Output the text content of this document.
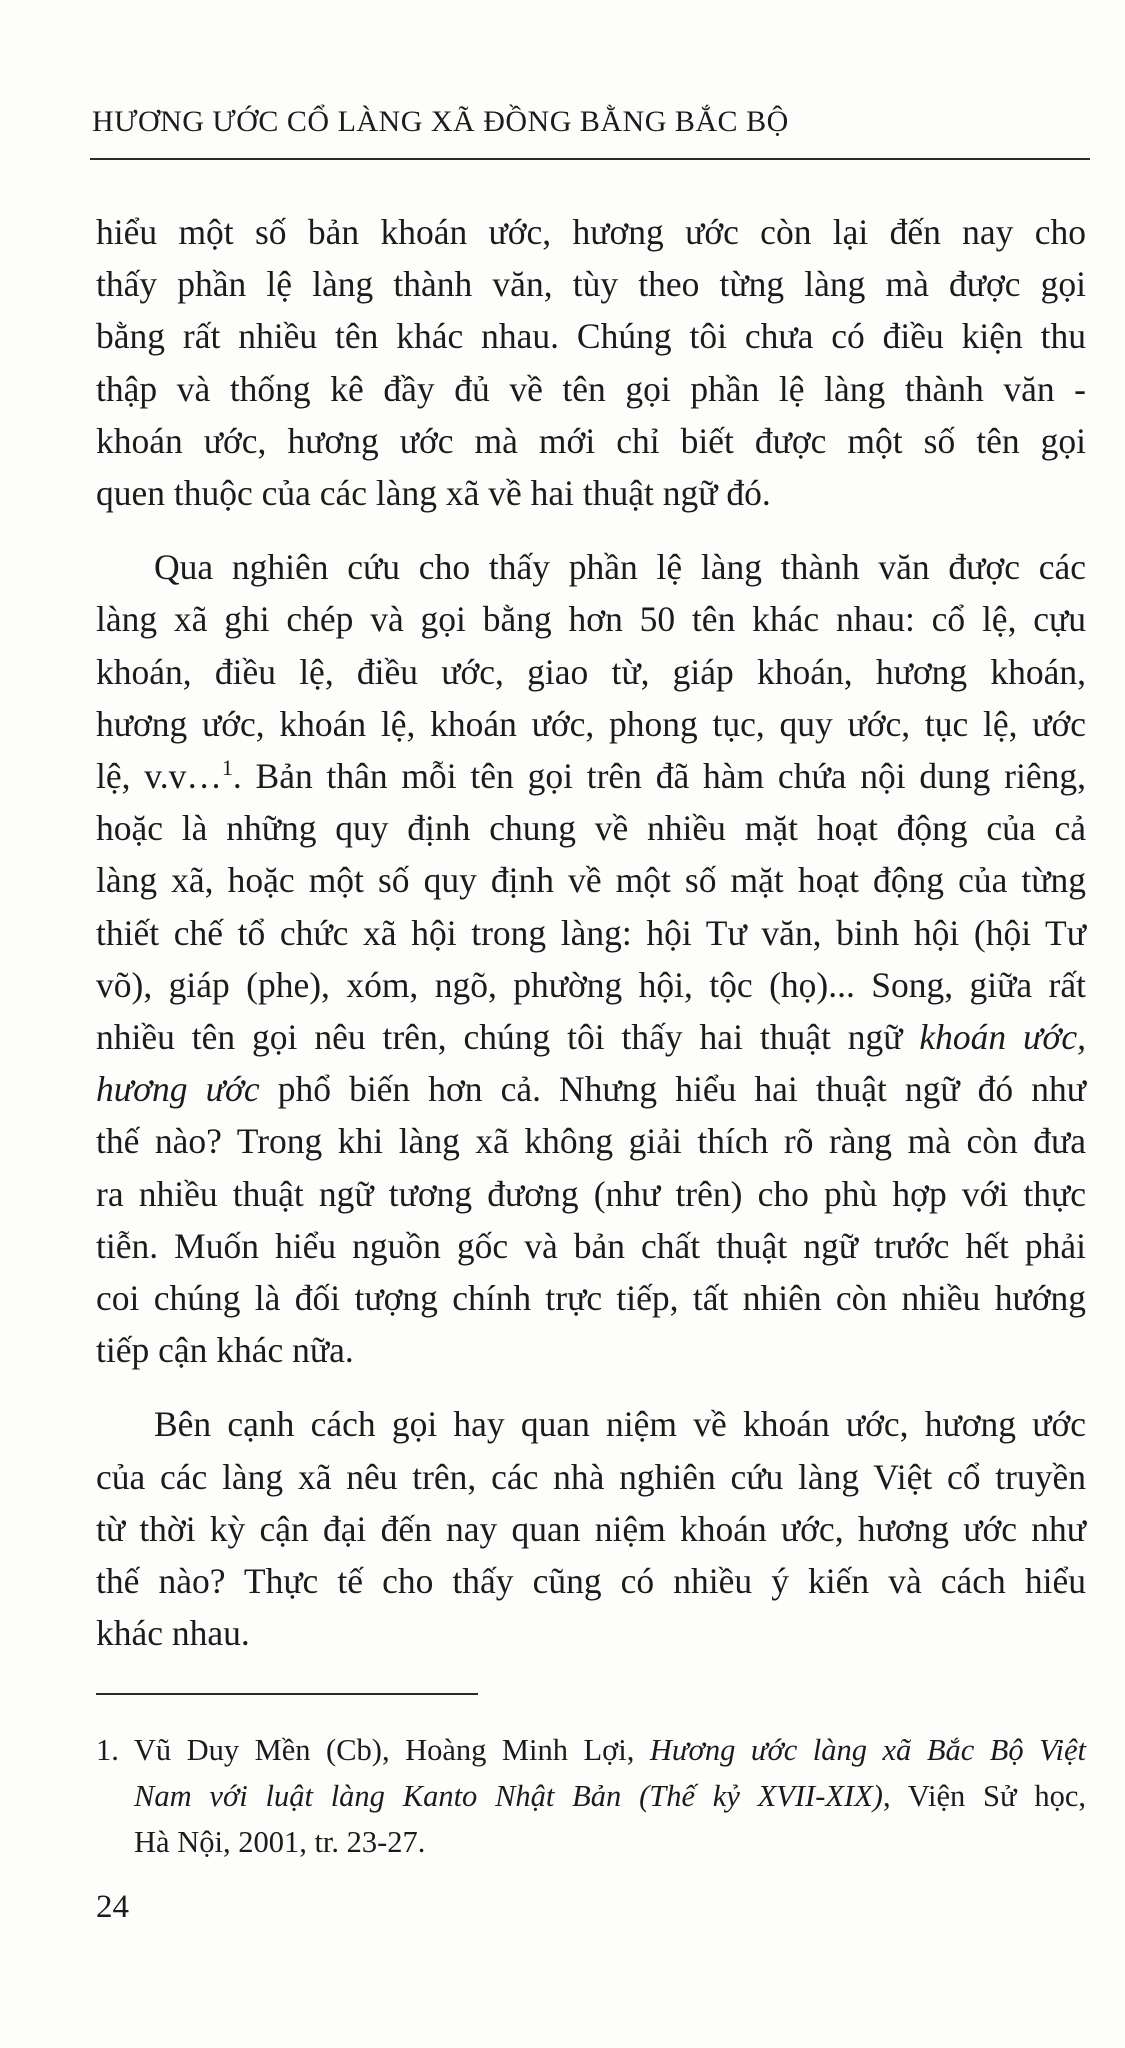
HƯƠNG ƯỚC CỔ LÀNG XÃ ĐỒNG BẰNG BẮC BỘ

hiểu một số bản khoán ước, hương ước còn lại đến nay cho
thấy phần lệ làng thành văn, tùy theo từng làng mà được gọi
bằng rất nhiều tên khác nhau. Chúng tôi chưa có điều kiện thu
thập và thống kê đầy đủ về tên gọi phần lệ làng thành văn -
khoán ước, hương ước mà mới chỉ biết được một số tên gọi
quen thuộc của các làng xã về hai thuật ngữ đó.

Qua nghiên cứu cho thấy phần lệ làng thành văn được các
làng xã ghi chép và gọi bằng hơn 50 tên khác nhau: cổ lệ, cựu
khoán, điều lệ, điều ước, giao từ, giáp khoán, hương khoán,
hương ước, khoán lệ, khoán ước, phong tục, quy ước, tục lệ, ước
lệ, v.v…$^1$. Bản thân mỗi tên gọi trên đã hàm chứa nội dung riêng,
hoặc là những quy định chung về nhiều mặt hoạt động của cả
làng xã, hoặc một số quy định về một số mặt hoạt động của từng
thiết chế tổ chức xã hội trong làng: hội Tư văn, binh hội (hội Tư
võ), giáp (phe), xóm, ngõ, phường hội, tộc (họ)... Song, giữa rất
nhiều tên gọi nêu trên, chúng tôi thấy hai thuật ngữ khoán ước,
hương ước phổ biến hơn cả. Nhưng hiểu hai thuật ngữ đó như
thế nào? Trong khi làng xã không giải thích rõ ràng mà còn đưa
ra nhiều thuật ngữ tương đương (như trên) cho phù hợp với thực
tiễn. Muốn hiểu nguồn gốc và bản chất thuật ngữ trước hết phải
coi chúng là đối tượng chính trực tiếp, tất nhiên còn nhiều hướng
tiếp cận khác nữa.

Bên cạnh cách gọi hay quan niệm về khoán ước, hương ước
của các làng xã nêu trên, các nhà nghiên cứu làng Việt cổ truyền
từ thời kỳ cận đại đến nay quan niệm khoán ước, hương ước như
thế nào? Thực tế cho thấy cũng có nhiều ý kiến và cách hiểu
khác nhau.

1. Vũ Duy Mền (Cb), Hoàng Minh Lợi, Hương ước làng xã Bắc Bộ Việt
Nam với luật làng Kanto Nhật Bản (Thế kỷ XVII-XIX), Viện Sử học,
Hà Nội, 2001, tr. 23-27.
24
